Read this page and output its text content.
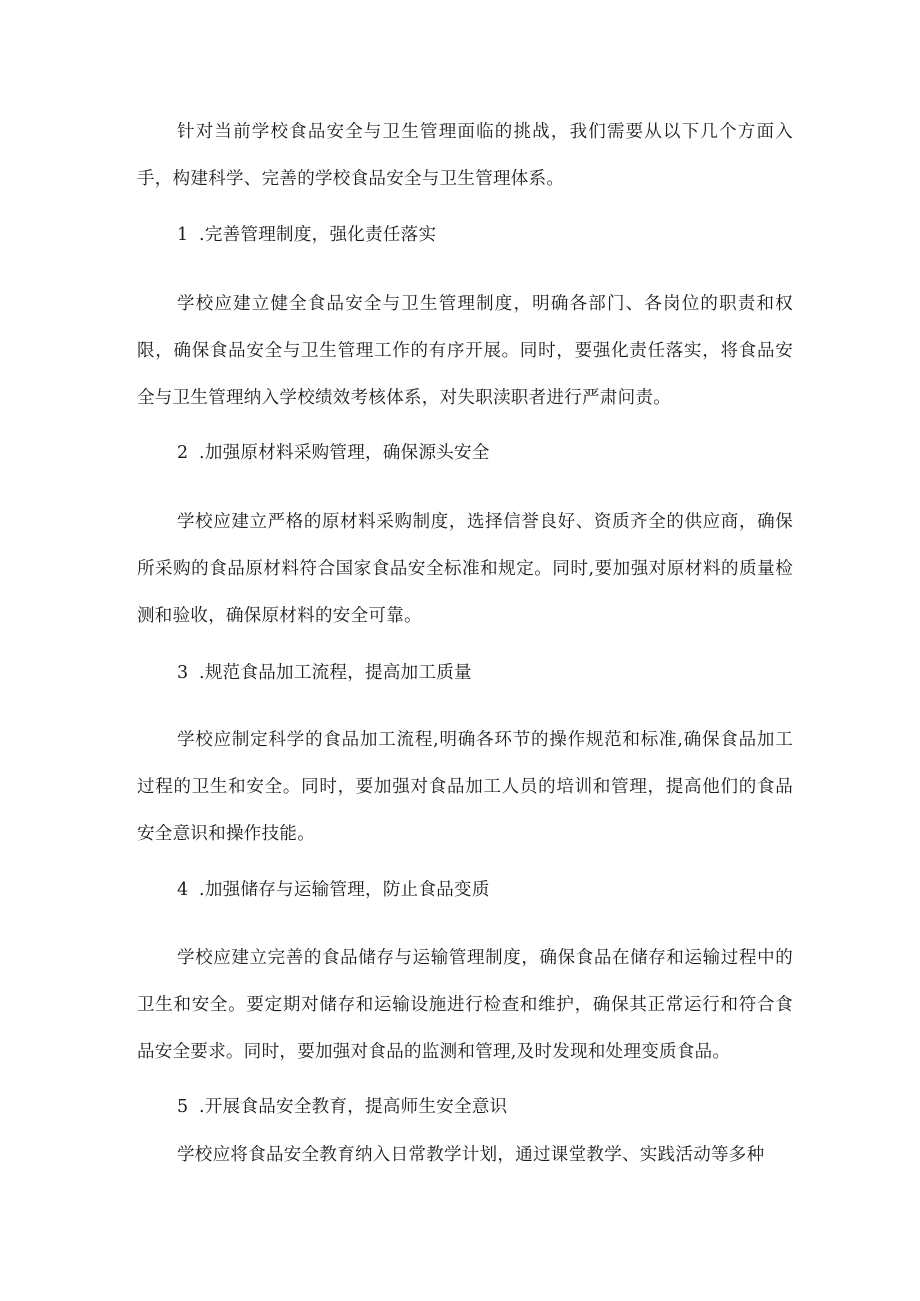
针对当前学校食品安全与卫生管理面临的挑战，我们需要从以下几个方面入手，构建科学、完善的学校食品安全与卫生管理体系。

1 .完善管理制度，强化责任落实

学校应建立健全食品安全与卫生管理制度，明确各部门、各岗位的职责和权限，确保食品安全与卫生管理工作的有序开展。同时，要强化责任落实，将食品安全与卫生管理纳入学校绩效考核体系，对失职渎职者进行严肃问责。

2 .加强原材料采购管理，确保源头安全

学校应建立严格的原材料采购制度，选择信誉良好、资质齐全的供应商，确保所采购的食品原材料符合国家食品安全标准和规定。同时,要加强对原材料的质量检测和验收，确保原材料的安全可靠。

3 .规范食品加工流程，提高加工质量

学校应制定科学的食品加工流程,明确各环节的操作规范和标准,确保食品加工过程的卫生和安全。同时，要加强对食品加工人员的培训和管理，提高他们的食品安全意识和操作技能。

4 .加强储存与运输管理，防止食品变质

学校应建立完善的食品储存与运输管理制度，确保食品在储存和运输过程中的卫生和安全。要定期对储存和运输设施进行检查和维护，确保其正常运行和符合食品安全要求。同时，要加强对食品的监测和管理,及时发现和处理变质食品。

5 .开展食品安全教育，提高师生安全意识

学校应将食品安全教育纳入日常教学计划，通过课堂教学、实践活动等多种
